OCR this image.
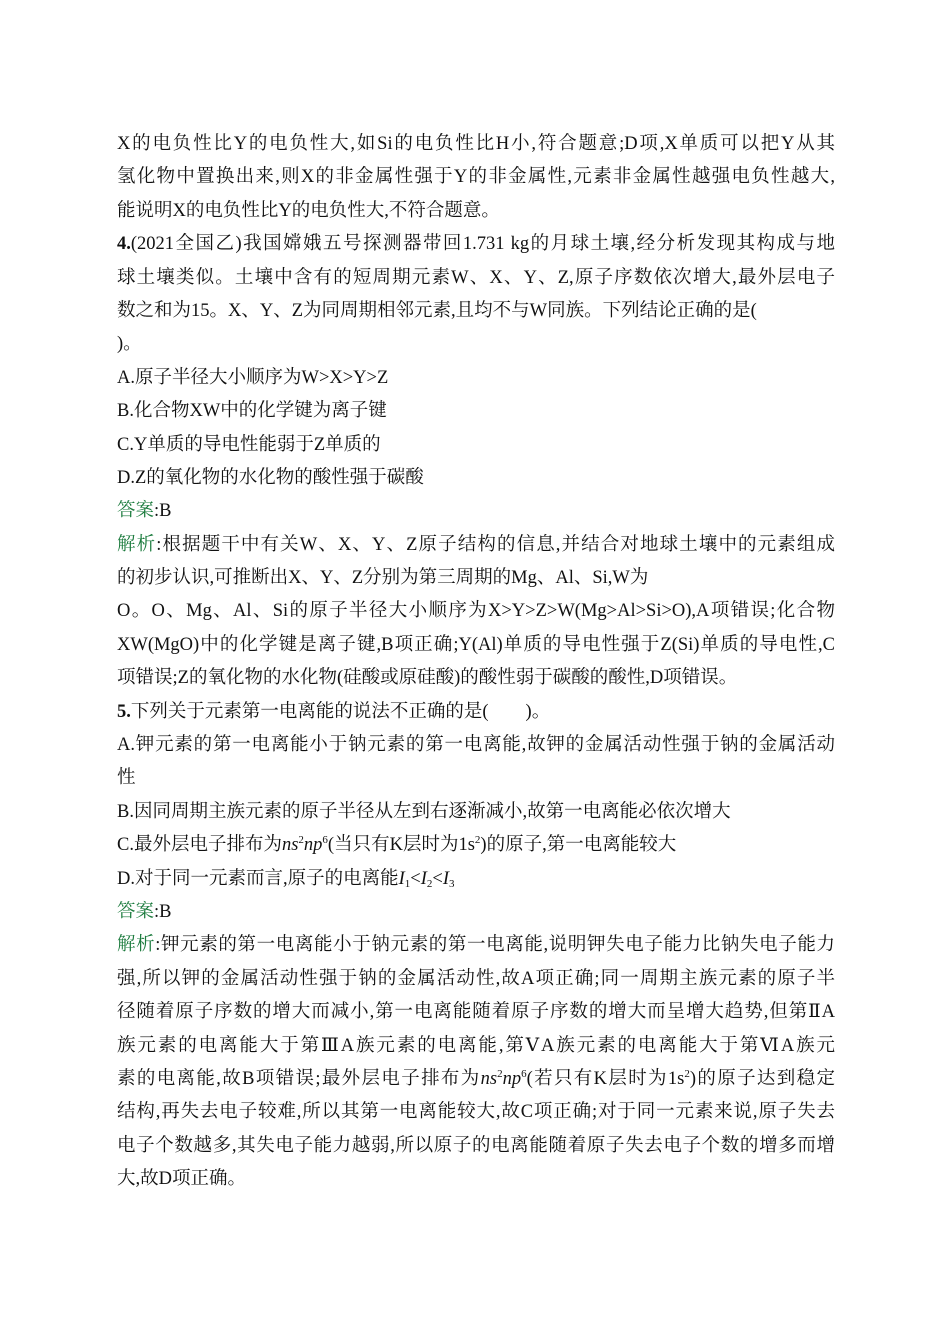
X的电负性比Y的电负性大,如Si的电负性比H小,符合题意;D项,X单质可以把Y从其
氢化物中置换出来,则X的非金属性强于Y的非金属性,元素非金属性越强电负性越大,
能说明X的电负性比Y的电负性大,不符合题意。
4.(2021全国乙)我国嫦娥五号探测器带回1.731 kg的月球土壤,经分析发现其构成与地
球土壤类似。土壤中含有的短周期元素W、X、Y、Z,原子序数依次增大,最外层电子
数之和为15。X、Y、Z为同周期相邻元素,且均不与W同族。下列结论正确的是(
)。
A.原子半径大小顺序为W>X>Y>Z
B.化合物XW中的化学键为离子键
C.Y单质的导电性能弱于Z单质的
D.Z的氧化物的水化物的酸性强于碳酸
答案:B
解析:根据题干中有关W、X、Y、Z原子结构的信息,并结合对地球土壤中的元素组成
的初步认识,可推断出X、Y、Z分别为第三周期的Mg、Al、Si,W为
O。O、Mg、Al、Si的原子半径大小顺序为X>Y>Z>W(Mg>Al>Si>O),A项错误;化合物
XW(MgO)中的化学键是离子键,B项正确;Y(Al)单质的导电性强于Z(Si)单质的导电性,C
项错误;Z的氧化物的水化物(硅酸或原硅酸)的酸性弱于碳酸的酸性,D项错误。
5.下列关于元素第一电离能的说法不正确的是(　　)。
A.钾元素的第一电离能小于钠元素的第一电离能,故钾的金属活动性强于钠的金属活动
性
B.因同周期主族元素的原子半径从左到右逐渐减小,故第一电离能必依次增大
C.最外层电子排布为$ns^2np^6$(当只有K层时为$1s^2$)的原子,第一电离能较大
D.对于同一元素而言,原子的电离能$I_1<I_2<I_3$
答案:B
解析:钾元素的第一电离能小于钠元素的第一电离能,说明钾失电子能力比钠失电子能力
强,所以钾的金属活动性强于钠的金属活动性,故A项正确;同一周期主族元素的原子半
径随着原子序数的增大而减小,第一电离能随着原子序数的增大而呈增大趋势,但第ⅡA
族元素的电离能大于第ⅢA族元素的电离能,第ⅤA族元素的电离能大于第ⅥA族元
素的电离能,故B项错误;最外层电子排布为$ns^2np^6$(若只有K层时为$1s^2$)的原子达到稳定
结构,再失去电子较难,所以其第一电离能较大,故C项正确;对于同一元素来说,原子失去
电子个数越多,其失电子能力越弱,所以原子的电离能随着原子失去电子个数的增多而增
大,故D项正确。
